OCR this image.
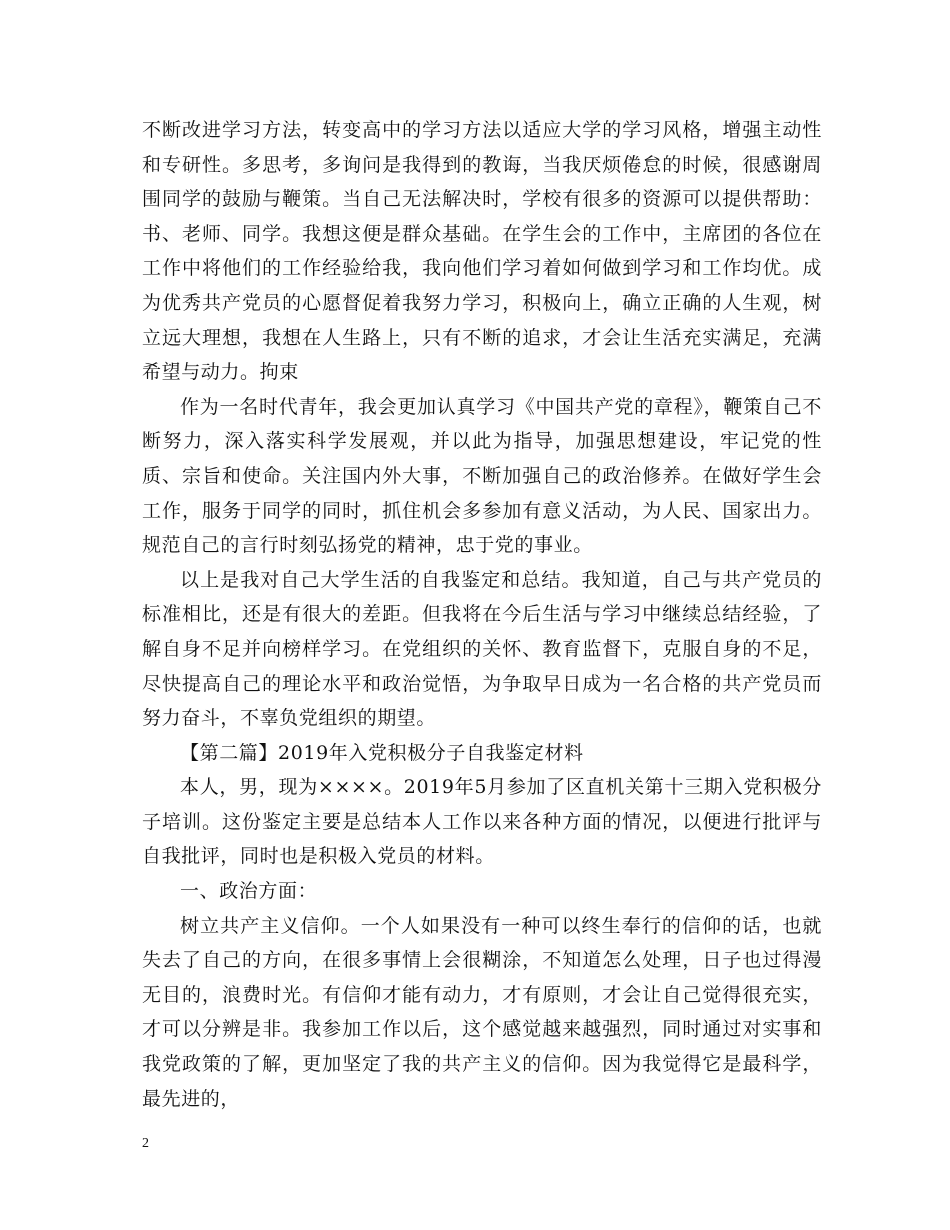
不断改进学习方法，转变高中的学习方法以适应大学的学习风格，增强主动性和专研性。多思考，多询问是我得到的教诲，当我厌烦倦怠的时候，很感谢周围同学的鼓励与鞭策。当自己无法解决时，学校有很多的资源可以提供帮助：书、老师、同学。我想这便是群众基础。在学生会的工作中，主席团的各位在工作中将他们的工作经验给我，我向他们学习着如何做到学习和工作均优。成为优秀共产党员的心愿督促着我努力学习，积极向上，确立正确的人生观，树立远大理想，我想在人生路上，只有不断的追求，才会让生活充实满足，充满希望与动力。拘束

作为一名时代青年，我会更加认真学习《中国共产党的章程》，鞭策自己不断努力，深入落实科学发展观，并以此为指导，加强思想建设，牢记党的性质、宗旨和使命。关注国内外大事，不断加强自己的政治修养。在做好学生会工作，服务于同学的同时，抓住机会多参加有意义活动，为人民、国家出力。规范自己的言行时刻弘扬党的精神，忠于党的事业。

以上是我对自己大学生活的自我鉴定和总结。我知道，自己与共产党员的标准相比，还是有很大的差距。但我将在今后生活与学习中继续总结经验，了解自身不足并向榜样学习。在党组织的关怀、教育监督下，克服自身的不足，尽快提高自己的理论水平和政治觉悟，为争取早日成为一名合格的共产党员而努力奋斗，不辜负党组织的期望。

【第二篇】2019年入党积极分子自我鉴定材料

本人，男，现为××××。2019年5月参加了区直机关第十三期入党积极分子培训。这份鉴定主要是总结本人工作以来各种方面的情况，以便进行批评与自我批评，同时也是积极入党员的材料。

一、政治方面：

树立共产主义信仰。一个人如果没有一种可以终生奉行的信仰的话，也就失去了自己的方向，在很多事情上会很糊涂，不知道怎么处理，日子也过得漫无目的，浪费时光。有信仰才能有动力，才有原则，才会让自己觉得很充实，才可以分辨是非。我参加工作以后，这个感觉越来越强烈，同时通过对实事和我党政策的了解，更加坚定了我的共产主义的信仰。因为我觉得它是最科学，最先进的，

2
